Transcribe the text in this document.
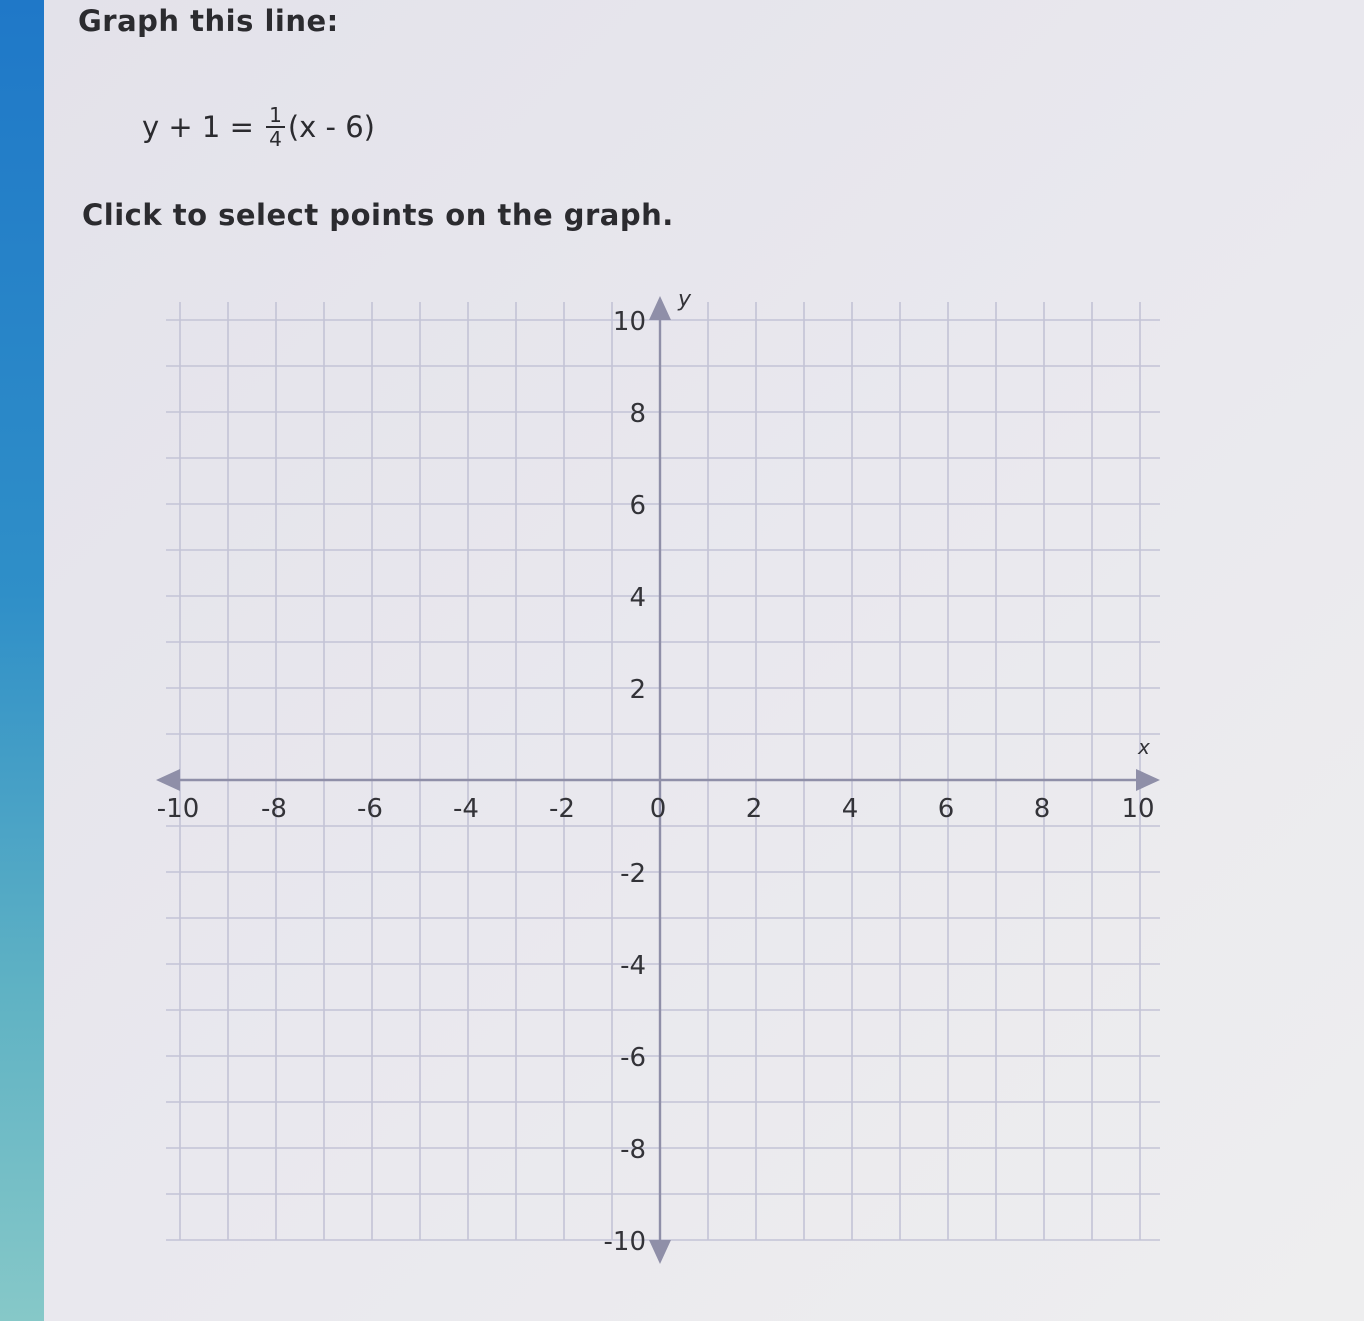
Graph this line:
$y + 1 = \frac{1}{4} (x - 6)$

Click to select points on the graph.

x
y
-10 -8	-6	-4	-2	0	2	4	6	8	10
10
8
6
4
2
-2
-4
-6
-8
-10
